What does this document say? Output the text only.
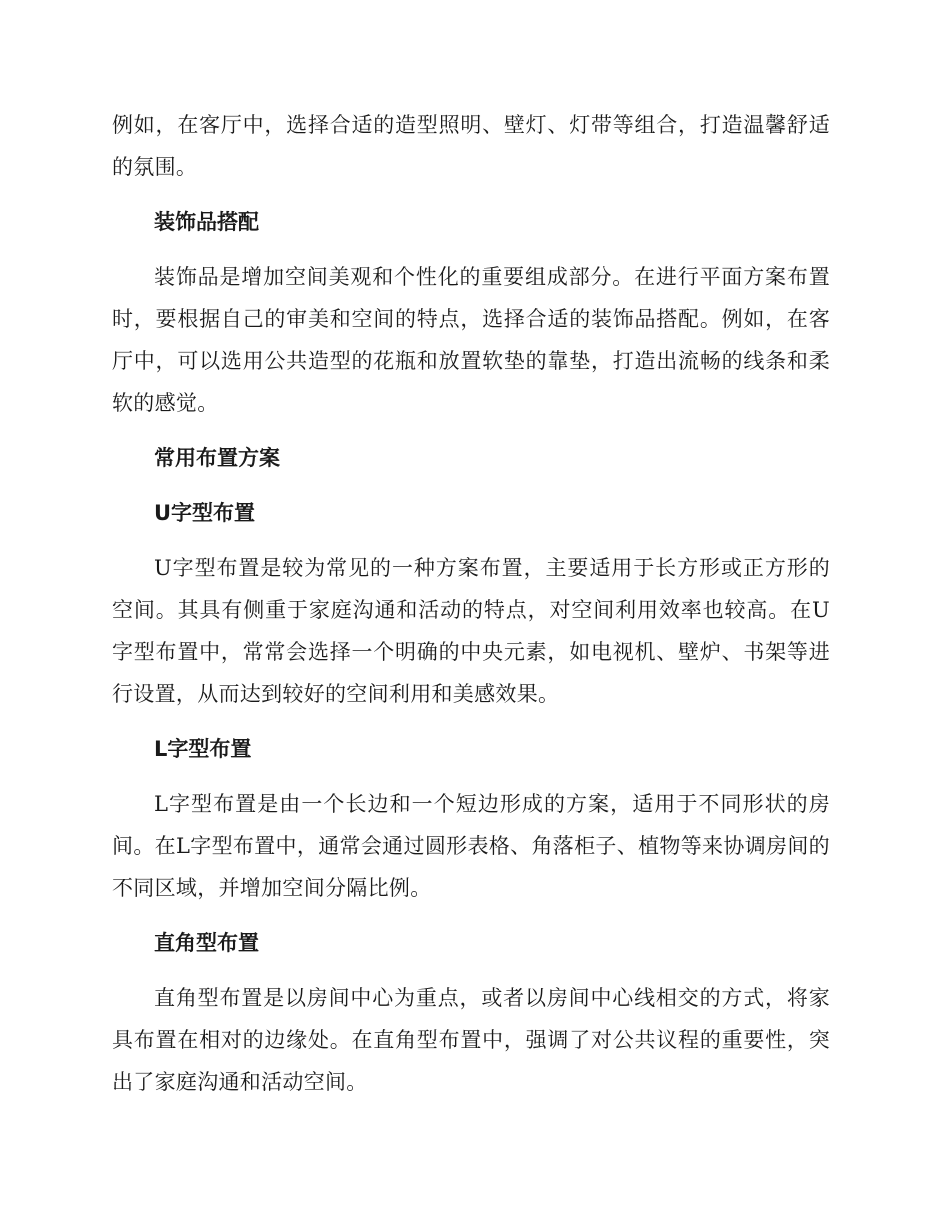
例如，在客厅中，选择合适的造型照明、壁灯、灯带等组合，打造温馨舒适的氛围。

装饰品搭配

装饰品是增加空间美观和个性化的重要组成部分。在进行平面方案布置时，要根据自己的审美和空间的特点，选择合适的装饰品搭配。例如，在客厅中，可以选用公共造型的花瓶和放置软垫的靠垫，打造出流畅的线条和柔软的感觉。

常用布置方案
U字型布置

U字型布置是较为常见的一种方案布置，主要适用于长方形或正方形的空间。其具有侧重于家庭沟通和活动的特点，对空间利用效率也较高。在U字型布置中，常常会选择一个明确的中央元素，如电视机、壁炉、书架等进行设置，从而达到较好的空间利用和美感效果。

L字型布置

L字型布置是由一个长边和一个短边形成的方案，适用于不同形状的房间。在L字型布置中，通常会通过圆形表格、角落柜子、植物等来协调房间的不同区域，并增加空间分隔比例。

直角型布置

直角型布置是以房间中心为重点，或者以房间中心线相交的方式，将家具布置在相对的边缘处。在直角型布置中，强调了对公共议程的重要性，突出了家庭沟通和活动空间。
